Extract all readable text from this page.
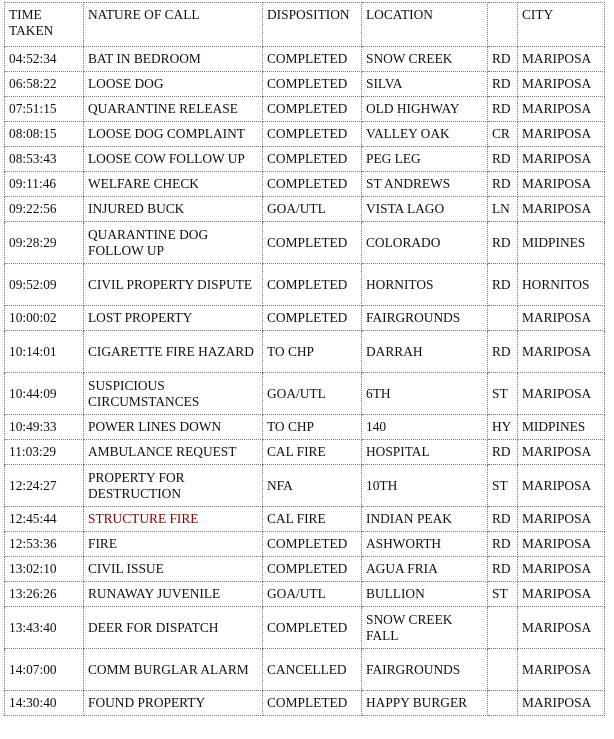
TIME TAKEN	NATURE OF CALL	DISPOSITION	LOCATION		CITY
04:52:34	BAT IN BEDROOM	COMPLETED	SNOW CREEK	RD	MARIPOSA
06:58:22	LOOSE DOG	COMPLETED	SILVA	RD	MARIPOSA
07:51:15	QUARANTINE RELEASE	COMPLETED	OLD HIGHWAY	RD	MARIPOSA
08:08:15	LOOSE DOG COMPLAINT	COMPLETED	VALLEY OAK	CR	MARIPOSA
08:53:43	LOOSE COW FOLLOW UP	COMPLETED	PEG LEG	RD	MARIPOSA
09:11:46	WELFARE CHECK	COMPLETED	ST ANDREWS	RD	MARIPOSA
09:22:56	INJURED BUCK	GOA/UTL	VISTA LAGO	LN	MARIPOSA
09:28:29	QUARANTINE DOG FOLLOW UP	COMPLETED	COLORADO	RD	MIDPINES
09:52:09	CIVIL PROPERTY DISPUTE	COMPLETED	HORNITOS	RD	HORNITOS
10:00:02	LOST PROPERTY	COMPLETED	FAIRGROUNDS		MARIPOSA
10:14:01	CIGARETTE FIRE HAZARD	TO CHP	DARRAH	RD	MARIPOSA
10:44:09	SUSPICIOUS CIRCUMSTANCES	GOA/UTL	6TH	ST	MARIPOSA
10:49:33	POWER LINES DOWN	TO CHP	140	HY	MIDPINES
11:03:29	AMBULANCE REQUEST	CAL FIRE	HOSPITAL	RD	MARIPOSA
12:24:27	PROPERTY FOR DESTRUCTION	NFA	10TH	ST	MARIPOSA
12:45:44	STRUCTURE FIRE	CAL FIRE	INDIAN PEAK	RD	MARIPOSA
12:53:36	FIRE	COMPLETED	ASHWORTH	RD	MARIPOSA
13:02:10	CIVIL ISSUE	COMPLETED	AGUA FRIA	RD	MARIPOSA
13:26:26	RUNAWAY JUVENILE	GOA/UTL	BULLION	ST	MARIPOSA
13:43:40	DEER FOR DISPATCH	COMPLETED	SNOW CREEK FALL		MARIPOSA
14:07:00	COMM BURGLAR ALARM	CANCELLED	FAIRGROUNDS		MARIPOSA
14:30:40	FOUND PROPERTY	COMPLETED	HAPPY BURGER		MARIPOSA
